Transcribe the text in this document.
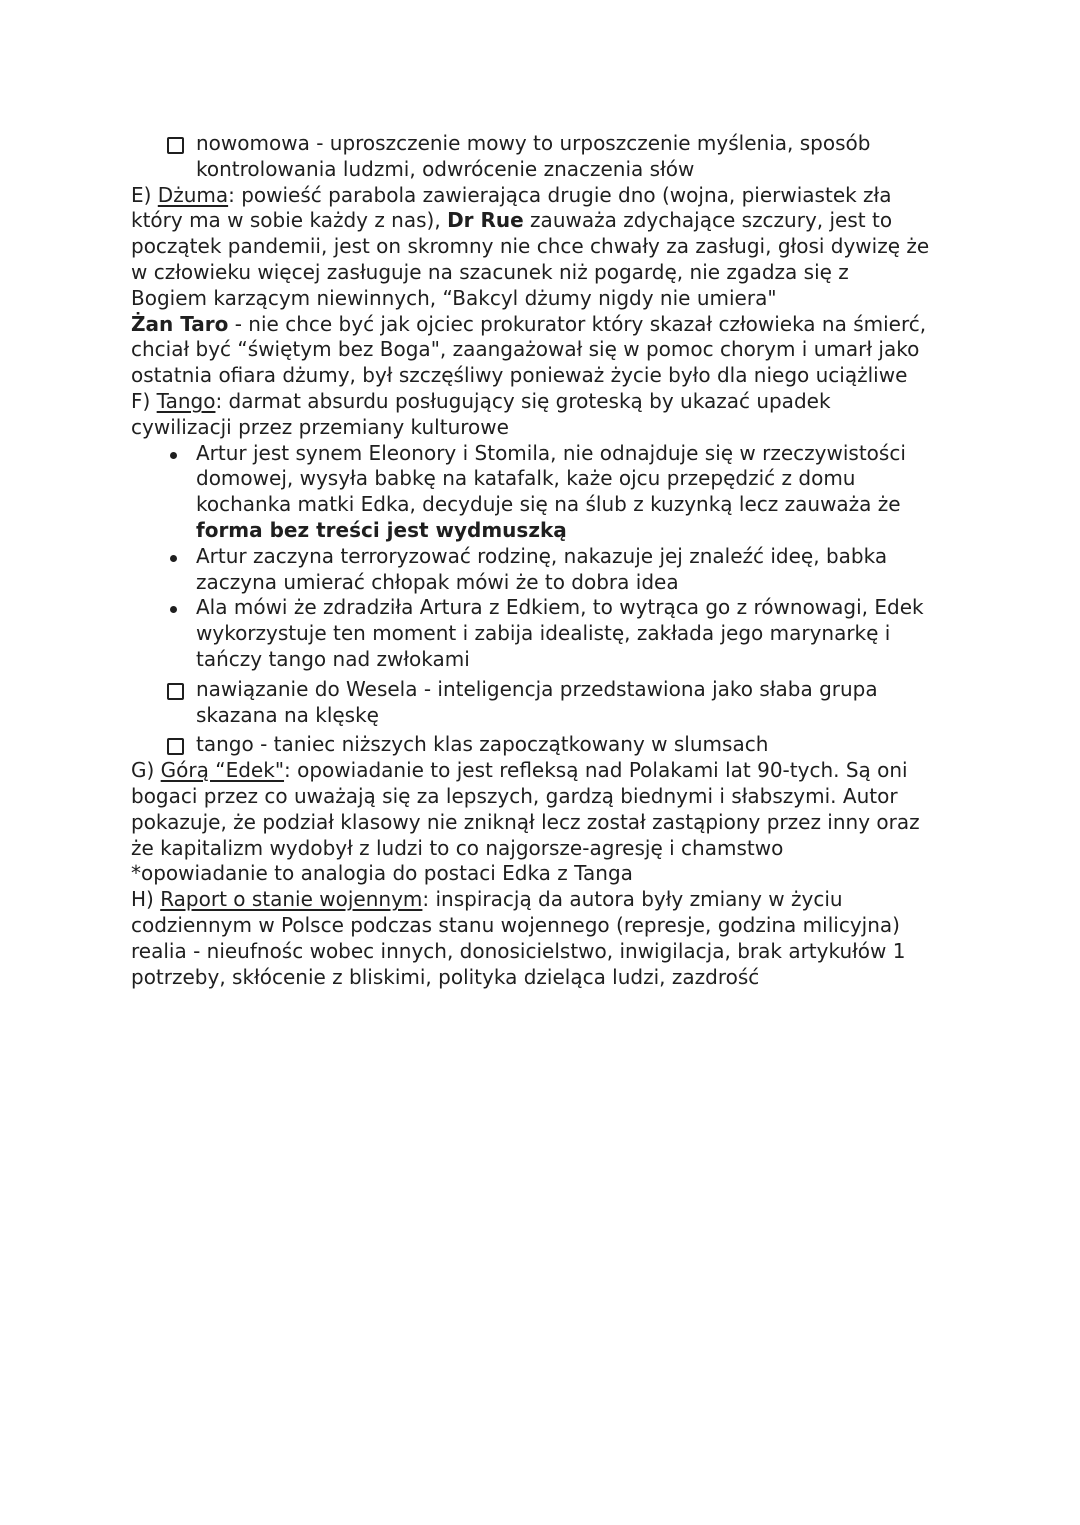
nowomowa - uproszczenie mowy to urposzczenie myślenia, sposób
kontrolowania ludzmi, odwrócenie znaczenia słów
E) Dżuma: powieść parabola zawierająca drugie dno (wojna, pierwiastek zła
który ma w sobie każdy z nas), Dr Rue zauważa zdychające szczury, jest to
początek pandemii, jest on skromny nie chce chwały za zasługi, głosi dywizę że
w człowieku więcej zasługuje na szacunek niż pogardę, nie zgadza się z
Bogiem karzącym niewinnych, “Bakcyl dżumy nigdy nie umiera"
Żan Taro - nie chce być jak ojciec prokurator który skazał człowieka na śmierć,
chciał być “świętym bez Boga", zaangażował się w pomoc chorym i umarł jako
ostatnia ofiara dżumy, był szczęśliwy ponieważ życie było dla niego uciążliwe
F) Tango: darmat absurdu posługujący się groteską by ukazać upadek
cywilizacji przez przemiany kulturowe
Artur jest synem Eleonory i Stomila, nie odnajduje się w rzeczywistości
domowej, wysyła babkę na katafalk, każe ojcu przepędzić z domu
kochanka matki Edka, decyduje się na ślub z kuzynką lecz zauważa że
forma bez treści jest wydmuszką
Artur zaczyna terroryzować rodzinę, nakazuje jej znaleźć ideę, babka
zaczyna umierać chłopak mówi że to dobra idea
Ala mówi że zdradziła Artura z Edkiem, to wytrąca go z równowagi, Edek
wykorzystuje ten moment i zabija idealistę, zakłada jego marynarkę i
tańczy tango nad zwłokami
nawiązanie do Wesela - inteligencja przedstawiona jako słaba grupa
skazana na klęskę
tango - taniec niższych klas zapoczątkowany w slumsach
G) Górą “Edek": opowiadanie to jest refleksą nad Polakami lat 90-tych. Są oni
bogaci przez co uważają się za lepszych, gardzą biednymi i słabszymi. Autor
pokazuje, że podział klasowy nie zniknął lecz został zastąpiony przez inny oraz
że kapitalizm wydobył z ludzi to co najgorsze-agresję i chamstwo
*opowiadanie to analogia do postaci Edka z Tanga
H) Raport o stanie wojennym: inspiracją da autora były zmiany w życiu
codziennym w Polsce podczas stanu wojennego (represje, godzina milicyjna)
realia - nieufnośc wobec innych, donosicielstwo, inwigilacja, brak artykułów 1
potrzeby, skłócenie z bliskimi, polityka dzieląca ludzi, zazdrość
